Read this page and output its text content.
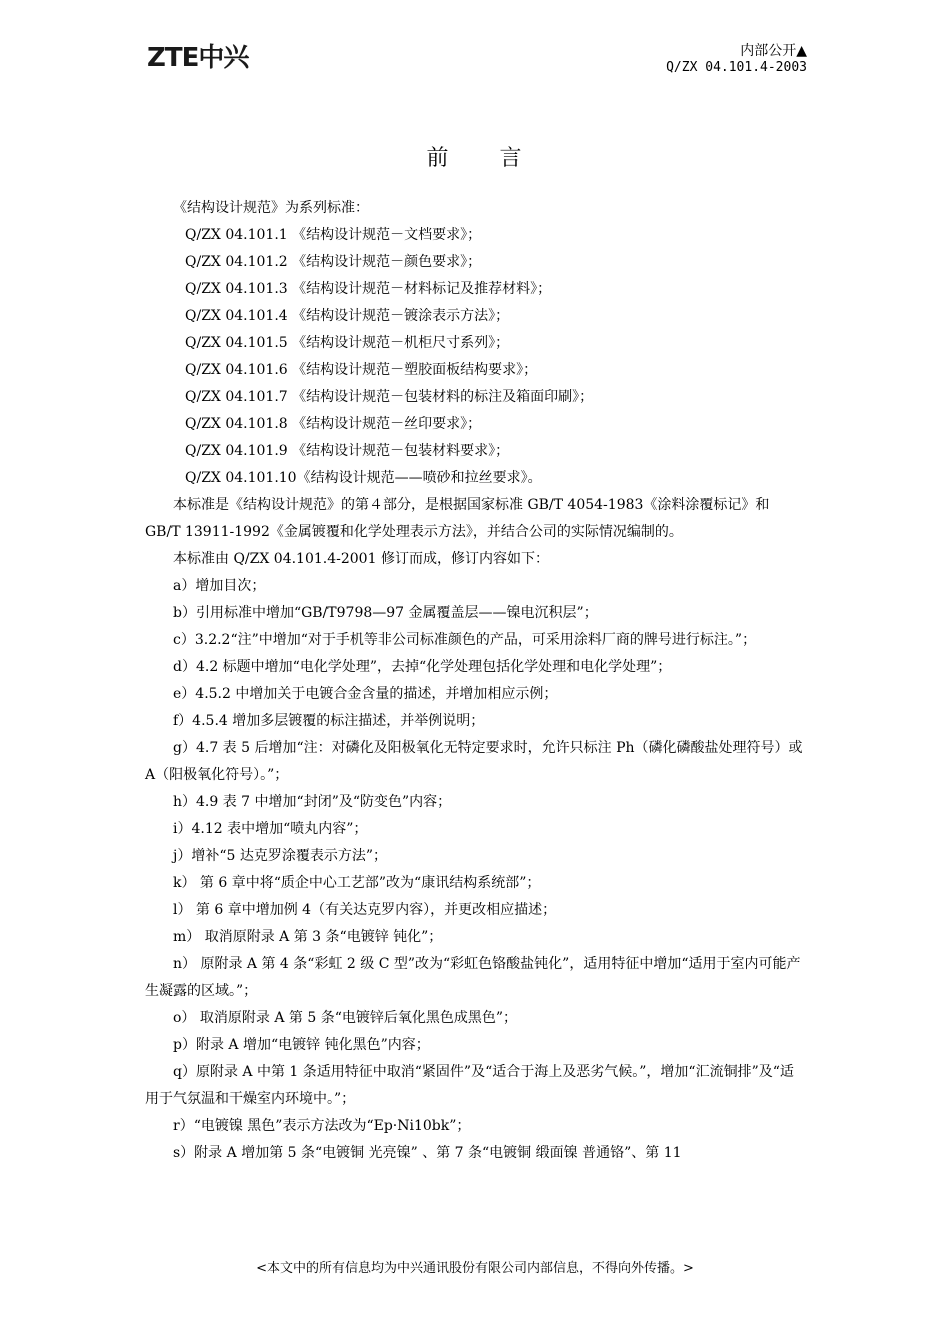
ZTE中兴	内部公开▲
Q/ZX 04.101.4-2003
前 言

《结构设计规范》为系列标准：

Q/ZX 04.101.1 《结构设计规范－文档要求》；

Q/ZX 04.101.2 《结构设计规范－颜色要求》；

Q/ZX 04.101.3 《结构设计规范－材料标记及推荐材料》；

Q/ZX 04.101.4 《结构设计规范－镀涂表示方法》；

Q/ZX 04.101.5 《结构设计规范－机柜尺寸系列》；

Q/ZX 04.101.6 《结构设计规范－塑胶面板结构要求》；

Q/ZX 04.101.7 《结构设计规范－包装材料的标注及箱面印刷》；

Q/ZX 04.101.8 《结构设计规范－丝印要求》；

Q/ZX 04.101.9 《结构设计规范－包装材料要求》；

Q/ZX 04.101.10《结构设计规范——喷砂和拉丝要求》。

本标准是《结构设计规范》的第４部分，是根据国家标准 GB/T 4054-1983《涂料涂覆标记》和 GB/T 13911-1992《金属镀覆和化学处理表示方法》，并结合公司的实际情况编制的。

本标准由 Q/ZX 04.101.4-2001 修订而成，修订内容如下：

a）增加目次；

b）引用标准中增加“GB/T9798—97 金属覆盖层——镍电沉积层”；

c）3.2.2“注”中增加“对于手机等非公司标准颜色的产品，可采用涂料厂商的牌号进行标注。”；

d）4.2 标题中增加“电化学处理”，去掉“化学处理包括化学处理和电化学处理”；

e）4.5.2 中增加关于电镀合金含量的描述，并增加相应示例；

f）4.5.4 增加多层镀覆的标注描述，并举例说明；

g）4.7 表 5 后增加“注：对磷化及阳极氧化无特定要求时，允许只标注 Ph（磷化磷酸盐处理符号）或 A（阳极氧化符号）。”；

h）4.9 表 7 中增加“封闭”及“防变色”内容；

i）4.12 表中增加“喷丸内容”；

j）增补“5 达克罗涂覆表示方法”；

k） 第 6 章中将“质企中心工艺部”改为“康讯结构系统部”；

l） 第 6 章中增加例 4（有关达克罗内容），并更改相应描述；

m） 取消原附录 A 第 3 条“电镀锌 钝化”；

n） 原附录 A 第 4 条“彩虹 2 级 C 型”改为“彩虹色铬酸盐钝化”，适用特征中增加“适用于室内可能产生凝露的区域。”；

o） 取消原附录 A 第 5 条“电镀锌后氧化黑色成黑色”；

p）附录 A 增加“电镀锌 钝化黑色”内容；

q）原附录 A 中第 1 条适用特征中取消“紧固件”及“适合于海上及恶劣气候。”，增加“汇流铜排”及“适用于气氛温和干燥室内环境中。”；

r）“电镀镍 黑色”表示方法改为“Ep·Ni10bk”；

s）附录 A 增加第 5 条“电镀铜 光亮镍” 、第 7 条“电镀铜 缎面镍 普通铬”、第 11

<本文中的所有信息均为中兴通讯股份有限公司内部信息，不得向外传播。>
